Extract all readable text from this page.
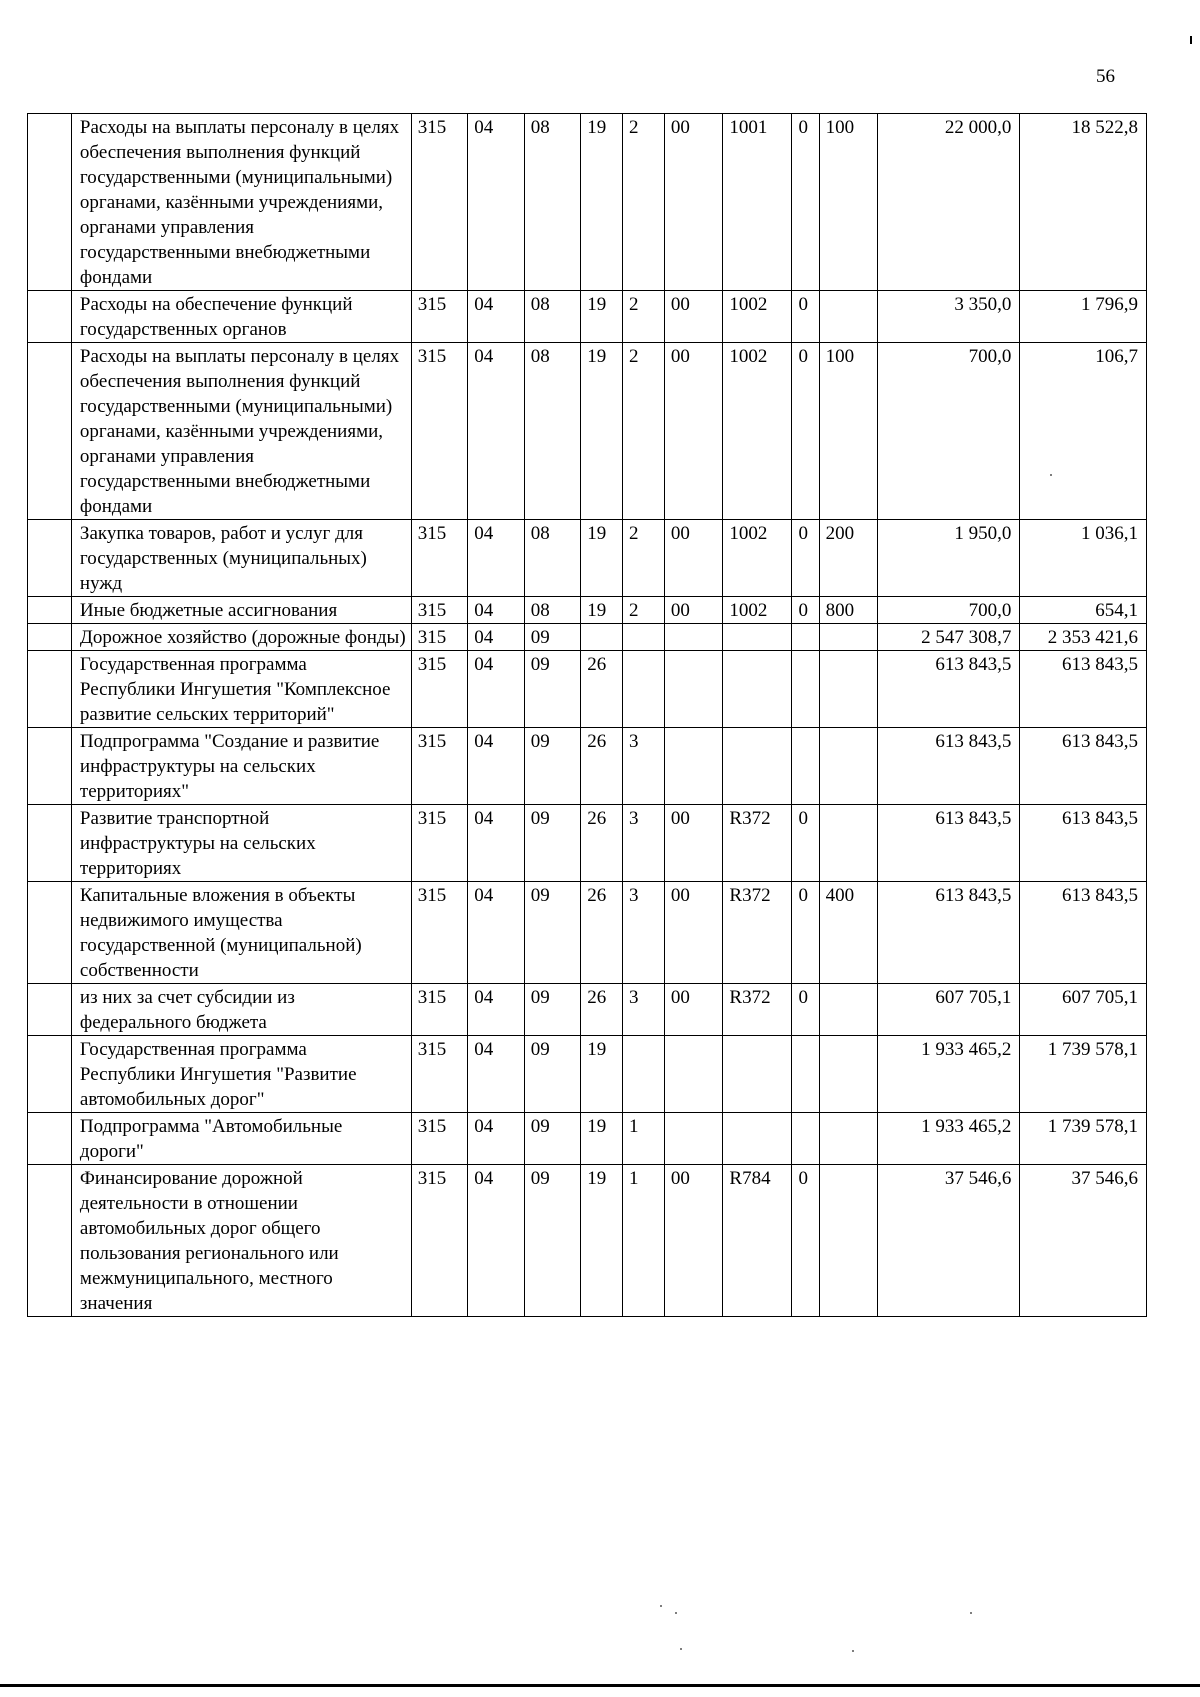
56
	Расходы на выплаты персоналу в целях обеспечения выполнения функций государственными (муниципальными) органами, казёнными учреждениями, органами управления государственными внебюджетными фондами	315	04	08	19	2	00	1001	0	100	22 000,0	18 522,8
	Расходы на обеспечение функций государственных органов	315	04	08	19	2	00	1002	0		3 350,0	1 796,9
	Расходы на выплаты персоналу в целях обеспечения выполнения функций государственными (муниципальными) органами, казёнными учреждениями, органами управления государственными внебюджетными фондами	315	04	08	19	2	00	1002	0	100	700,0	106,7
	Закупка товаров, работ и услуг для государственных (муниципальных) нужд	315	04	08	19	2	00	1002	0	200	1 950,0	1 036,1
	Иные бюджетные ассигнования	315	04	08	19	2	00	1002	0	800	700,0	654,1
	Дорожное хозяйство (дорожные фонды)	315	04	09							2 547 308,7	2 353 421,6
	Государственная программа Республики Ингушетия "Комплексное развитие сельских территорий"	315	04	09	26						613 843,5	613 843,5
	Подпрограмма "Создание и развитие инфраструктуры на сельских территориях"	315	04	09	26	3					613 843,5	613 843,5
	Развитие транспортной инфраструктуры на сельских территориях	315	04	09	26	3	00	R372	0		613 843,5	613 843,5
	Капитальные вложения в объекты недвижимого имущества государственной (муниципальной) собственности	315	04	09	26	3	00	R372	0	400	613 843,5	613 843,5
	из них за счет субсидии из федерального бюджета	315	04	09	26	3	00	R372	0		607 705,1	607 705,1
	Государственная программа Республики Ингушетия "Развитие автомобильных дорог"	315	04	09	19						1 933 465,2	1 739 578,1
	Подпрограмма "Автомобильные дороги"	315	04	09	19	1					1 933 465,2	1 739 578,1
	Финансирование дорожной деятельности в отношении автомобильных дорог общего пользования регионального или межмуниципального, местного значения	315	04	09	19	1	00	R784	0		37 546,6	37 546,6
